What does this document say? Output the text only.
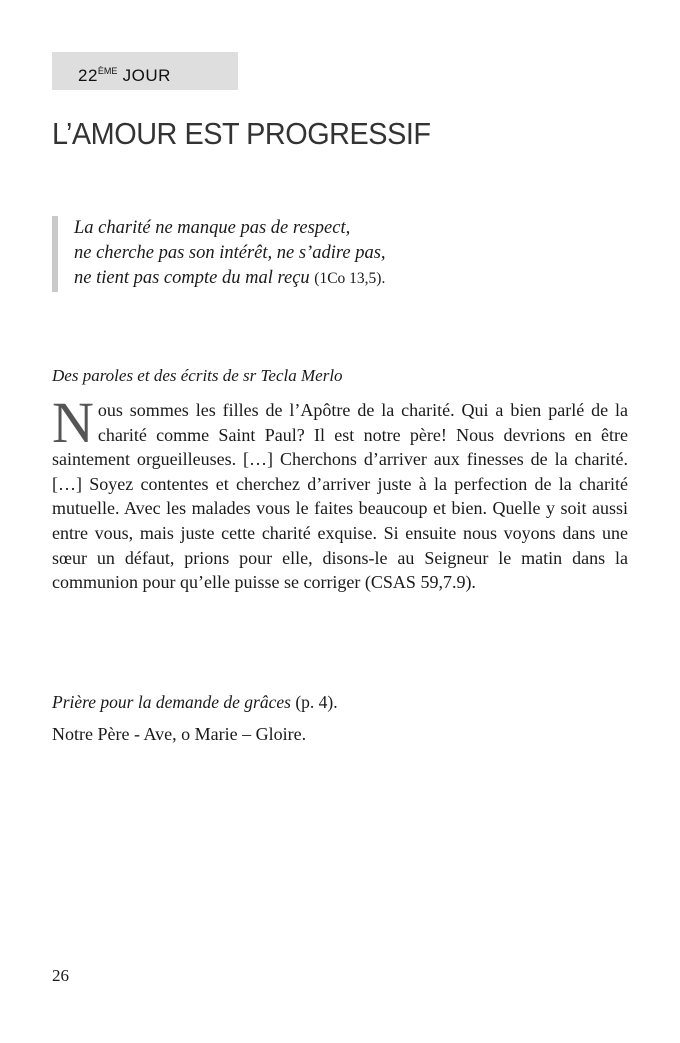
22ÈME JOUR
L’AMOUR EST PROGRESSIF
La charité ne manque pas de respect,
ne cherche pas son intérêt, ne s’adire pas,
ne tient pas compte du mal reçu (1Co 13,5).
Des paroles et des écrits de sr Tecla Merlo
Nous sommes les filles de l’Apôtre de la charité. Qui a bien parlé de la charité comme Saint Paul? Il est notre père! Nous devrions en être saintement orgueilleuses. […] Cherchons d’arriver aux finesses de la charité. […] Soyez contentes et cherchez d’arriver juste à la perfection de la charité mutuelle. Avec les malades vous le faites beaucoup et bien. Quelle y soit aussi entre vous, mais juste cette charité exquise. Si ensuite nous voyons dans une sœur un défaut, prions pour elle, disons-le au Seigneur le matin dans la communion pour qu’elle puisse se corriger (CSAS 59,7.9).
Prière pour la demande de grâces (p. 4).
Notre Père - Ave, o Marie – Gloire.
26
